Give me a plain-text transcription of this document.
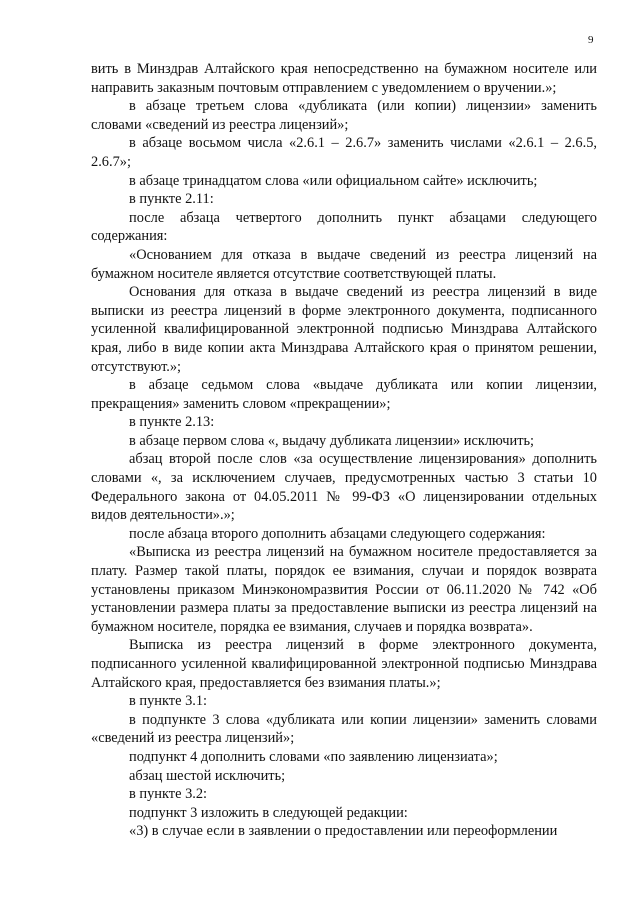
9

вить в Минздрав Алтайского края непосредственно на бумажном носителе или направить заказным почтовым отправлением с уведомлением о вручении.»;

в абзаце третьем слова «дубликата (или копии) лицензии» заменить словами «сведений из реестра лицензий»;

в абзаце восьмом числа «2.6.1 – 2.6.7» заменить числами «2.6.1 – 2.6.5, 2.6.7»;

в абзаце тринадцатом слова «или официальном сайте» исключить;

в пункте 2.11:

после абзаца четвертого дополнить пункт абзацами следующего содержания:

«Основанием для отказа в выдаче сведений из реестра лицензий на бумажном носителе является отсутствие соответствующей платы.

Основания для отказа в выдаче сведений из реестра лицензий в виде выписки из реестра лицензий в форме электронного документа, подписанного усиленной квалифицированной электронной подписью Минздрава Алтайского края, либо в виде копии акта Минздрава Алтайского края о принятом решении, отсутствуют.»;

в абзаце седьмом слова «выдаче дубликата или копии лицензии, прекращения» заменить словом «прекращении»;

в пункте 2.13:

в абзаце первом слова «, выдачу дубликата лицензии» исключить;

абзац второй после слов «за осуществление лицензирования» дополнить словами «, за исключением случаев, предусмотренных частью 3 статьи 10 Федерального закона от 04.05.2011 № 99-ФЗ «О лицензировании отдельных видов деятельности».»;

после абзаца второго дополнить абзацами следующего содержания:

«Выписка из реестра лицензий на бумажном носителе предоставляется за плату. Размер такой платы, порядок ее взимания, случаи и порядок возврата установлены приказом Минэкономразвития России от 06.11.2020 № 742 «Об установлении размера платы за предоставление выписки из реестра лицензий на бумажном носителе, порядка ее взимания, случаев и порядка возврата».

Выписка из реестра лицензий в форме электронного документа, подписанного усиленной квалифицированной электронной подписью Минздрава Алтайского края, предоставляется без взимания платы.»;

в пункте 3.1:

в подпункте 3 слова «дубликата или копии лицензии» заменить словами «сведений из реестра лицензий»;

подпункт 4 дополнить словами «по заявлению лицензиата»;

абзац шестой исключить;

в пункте 3.2:

подпункт 3 изложить в следующей редакции:

«3) в случае если в заявлении о предоставлении или переоформлении
